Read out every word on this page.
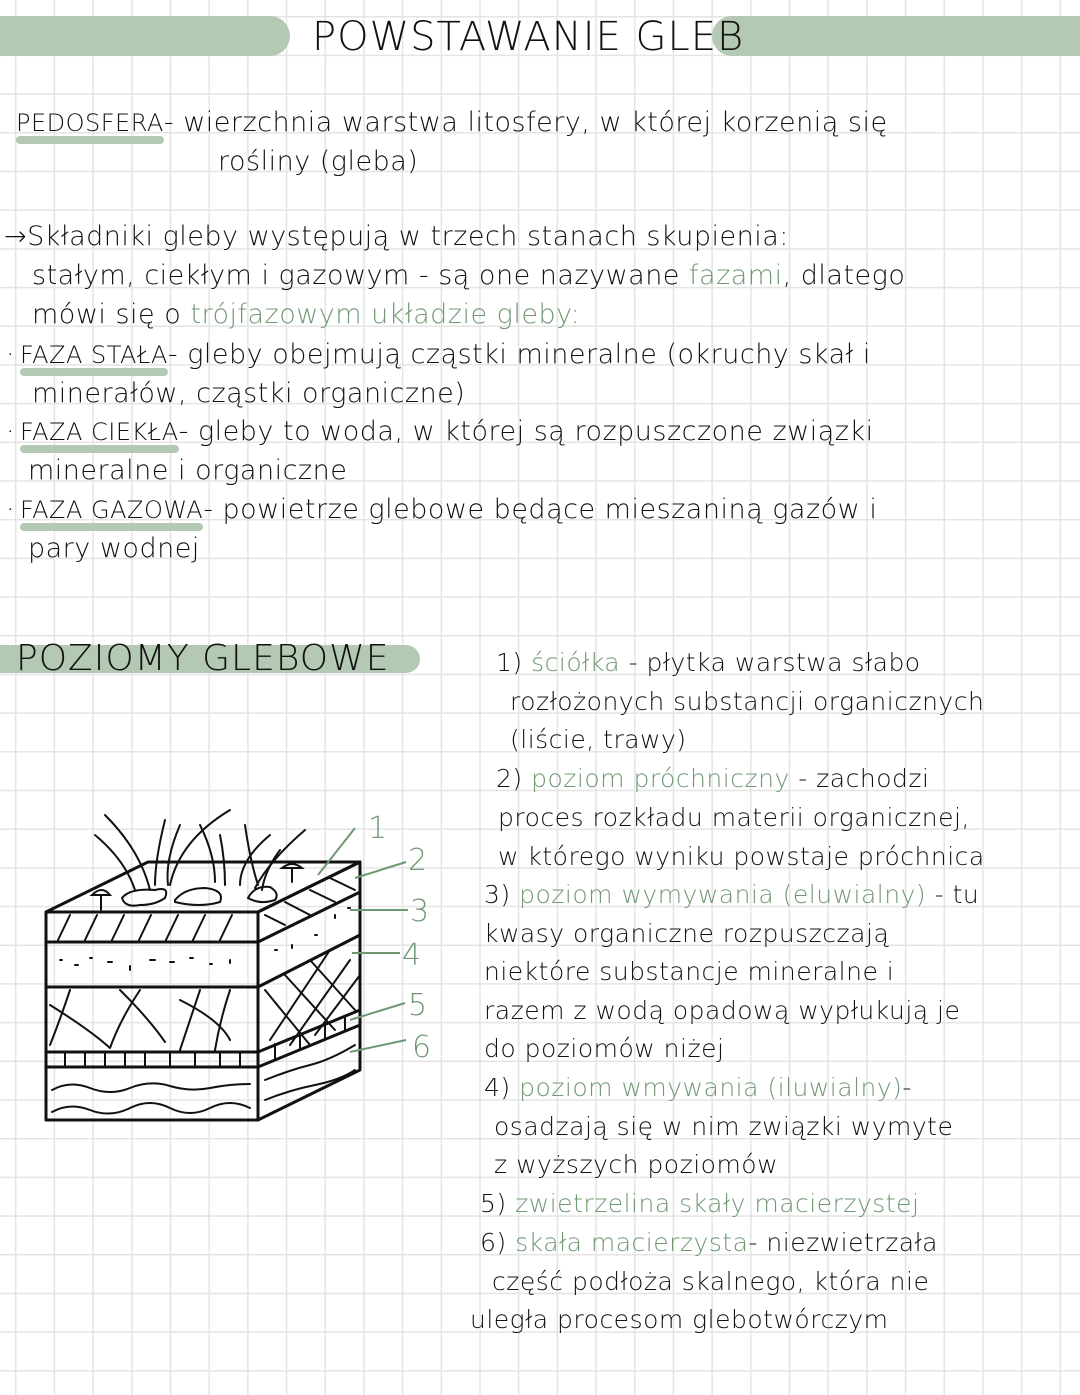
POWSTAWANIE GLEB
PEDOSFERA- wierzchnia warstwa litosfery, w której korzenią się
rośliny (gleba)
→Składniki gleby występują w trzech stanach skupienia:
stałym, ciekłym i gazowym - są one nazywane fazami, dlatego
mówi się o trójfazowym układzie gleby:
· FAZA STAŁA- gleby obejmują cząstki mineralne (okruchy skał i
minerałów, cząstki organiczne)
· FAZA CIEKŁA- gleby to woda, w której są rozpuszczone związki
mineralne i organiczne
· FAZA GAZOWA- powietrze glebowe będące mieszaniną gazów i
pary wodnej
POZIOMY GLEBOWE
1
2
3
4
5
6
1) ściółka - płytka warstwa słabo
rozłożonych substancji organicznych
(liście, trawy)
2) poziom próchniczny - zachodzi
proces rozkładu materii organicznej,
w którego wyniku powstaje próchnica
3) poziom wymywania (eluwialny) - tu
kwasy organiczne rozpuszczają
niektóre substancje mineralne i
razem z wodą opadową wypłukują je
do poziomów niżej
4) poziom wmywania (iluwialny)-
osadzają się w nim związki wymyte
z wyższych poziomów
5) zwietrzelina skały macierzystej
6) skała macierzysta- niezwietrzała
część podłoża skalnego, która nie
uległa procesom glebotwórczym
